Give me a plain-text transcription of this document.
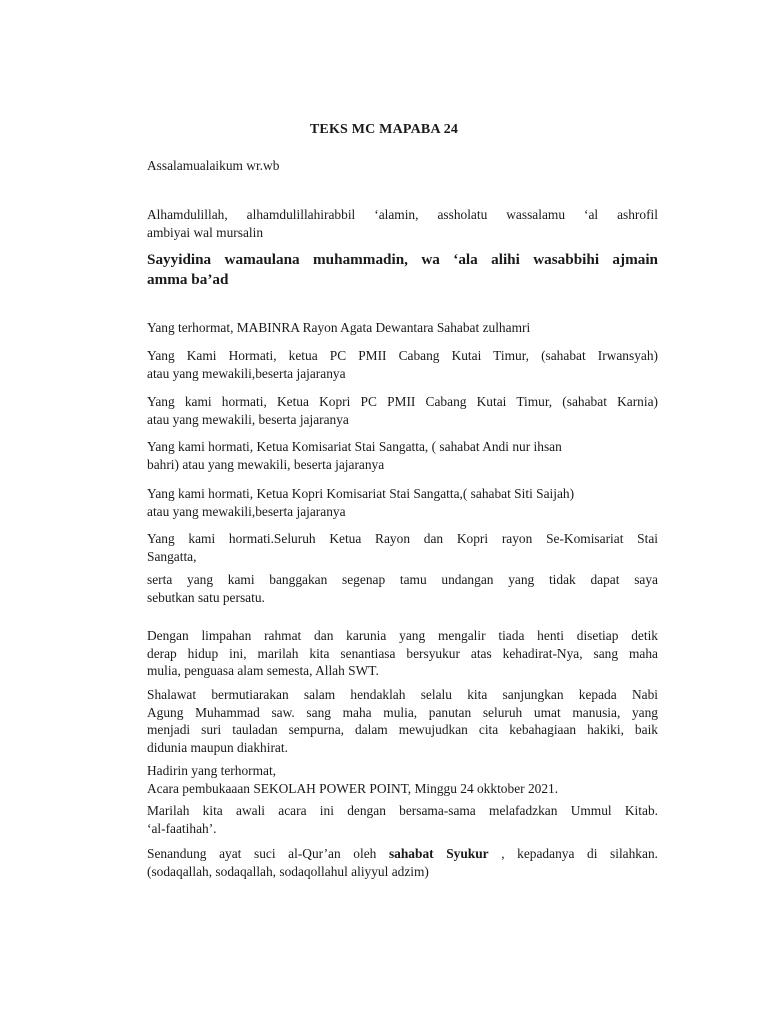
TEKS MC MAPABA 24
Assalamualaikum wr.wb
Alhamdulillah, alhamdulillahirabbil ‘alamin, assholatu wassalamu ‘al ashrofil
ambiyai wal mursalin
Sayyidina wamaulana muhammadin, wa ‘ala alihi wasabbihi ajmain
amma ba’ad
Yang terhormat, MABINRA Rayon Agata Dewantara Sahabat zulhamri
Yang Kami Hormati, ketua PC PMII Cabang Kutai Timur, (sahabat Irwansyah)
atau yang mewakili,beserta jajaranya
Yang kami hormati, Ketua Kopri PC PMII Cabang Kutai Timur, (sahabat Karnia)
atau yang mewakili, beserta jajaranya
Yang kami hormati, Ketua Komisariat Stai Sangatta, ( sahabat Andi nur ihsan
bahri) atau yang mewakili, beserta jajaranya
Yang kami hormati, Ketua Kopri Komisariat Stai Sangatta,( sahabat Siti Saijah)
atau yang mewakili,beserta jajaranya
Yang kami hormati.Seluruh Ketua Rayon dan Kopri rayon Se-Komisariat Stai
Sangatta,
serta yang kami banggakan segenap tamu undangan yang tidak dapat saya
sebutkan satu persatu.
Dengan limpahan rahmat dan karunia yang mengalir tiada henti disetiap detik
derap hidup ini, marilah kita senantiasa bersyukur atas kehadirat-Nya, sang maha
mulia, penguasa alam semesta, Allah SWT.
Shalawat bermutiarakan salam hendaklah selalu kita sanjungkan kepada Nabi
Agung Muhammad saw. sang maha mulia, panutan seluruh umat manusia, yang
menjadi suri tauladan sempurna, dalam mewujudkan cita kebahagiaan hakiki, baik
didunia maupun diakhirat.
Hadirin yang terhormat,
Acara pembukaaan SEKOLAH POWER POINT, Minggu 24 okktober 2021.
Marilah kita awali acara ini dengan bersama-sama melafadzkan Ummul Kitab.
‘al-faatihah’.
Senandung ayat suci al-Qur’an oleh sahabat Syukur , kepadanya di silahkan.
(sodaqallah, sodaqallah, sodaqollahul aliyyul adzim)
